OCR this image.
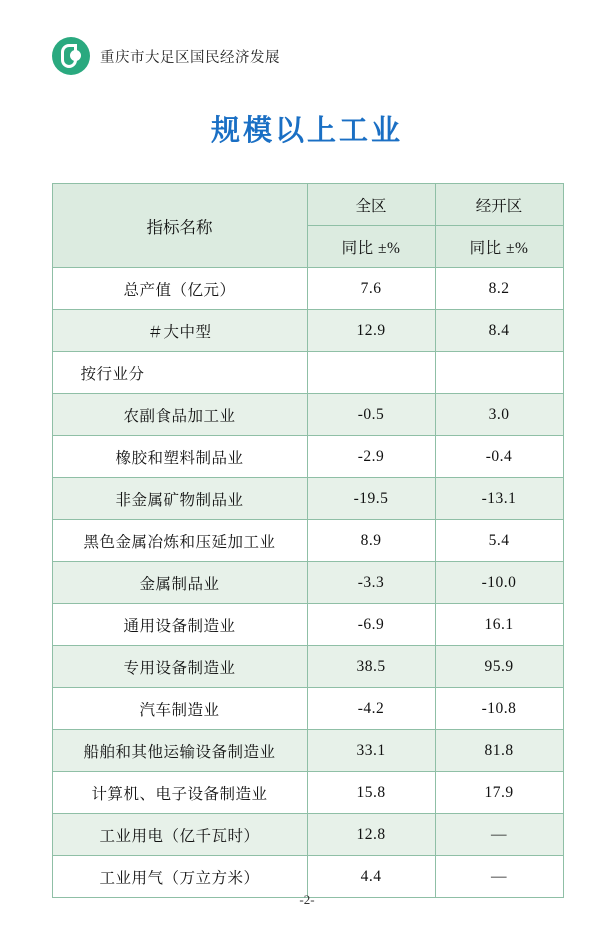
重庆市大足区国民经济发展
规模以上工业
指标名称	全区	经开区
	同比 ±%	同比 ±%
总产值（亿元）	7.6	8.2
＃大中型	12.9	8.4
按行业分		
农副食品加工业	-0.5	3.0
橡胶和塑料制品业	-2.9	-0.4
非金属矿物制品业	-19.5	-13.1
黑色金属冶炼和压延加工业	8.9	5.4
金属制品业	-3.3	-10.0
通用设备制造业	-6.9	16.1
专用设备制造业	38.5	95.9
汽车制造业	-4.2	-10.8
船舶和其他运输设备制造业	33.1	81.8
计算机、电子设备制造业	15.8	17.9
工业用电（亿千瓦时）	12.8	—
工业用气（万立方米）	4.4	—
-2-
